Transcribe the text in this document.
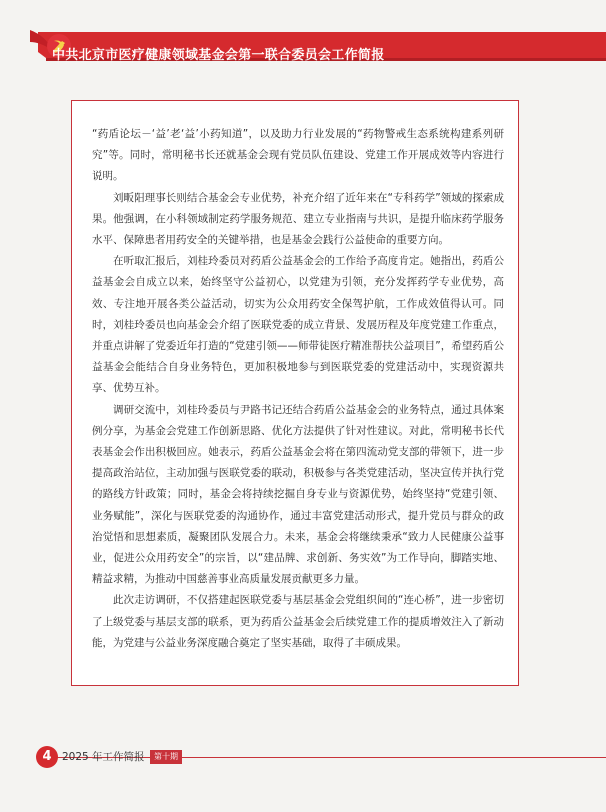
中共北京市医疗健康领域基金会第一联合委员会工作简报

“药盾论坛－‘益’老‘益’小药知道”，以及助力行业发展的“药物警戒生态系统构建系列研究”等。同时，常明秘书长还就基金会现有党员队伍建设、党建工作开展成效等内容进行说明。

刘畈阳理事长则结合基金会专业优势，补充介绍了近年来在“专科药学”领域的探索成果。他强调，在小科领域制定药学服务规范、建立专业指南与共识，是提升临床药学服务水平、保障患者用药安全的关键举措，也是基金会践行公益使命的重要方向。

在听取汇报后，刘桂玲委员对药盾公益基金会的工作给予高度肯定。她指出，药盾公益基金会自成立以来，始终坚守公益初心，以党建为引领，充分发挥药学专业优势，高效、专注地开展各类公益活动，切实为公众用药安全保驾护航，工作成效值得认可。同时，刘桂玲委员也向基金会介绍了医联党委的成立背景、发展历程及年度党建工作重点，并重点讲解了党委近年打造的“党建引领——师带徒医疗精准帮扶公益项目”，希望药盾公益基金会能结合自身业务特色，更加积极地参与到医联党委的党建活动中，实现资源共享、优势互补。

调研交流中，刘桂玲委员与尹路书记还结合药盾公益基金会的业务特点，通过具体案例分享，为基金会党建工作创新思路、优化方法提供了针对性建议。对此，常明秘书长代表基金会作出积极回应。她表示，药盾公益基金会将在第四流动党支部的带领下，进一步提高政治站位，主动加强与医联党委的联动，积极参与各类党建活动，坚决宣传并执行党的路线方针政策；同时，基金会将持续挖掘自身专业与资源优势，始终坚持“党建引领、业务赋能”，深化与医联党委的沟通协作，通过丰富党建活动形式，提升党员与群众的政治觉悟和思想素质，凝聚团队发展合力。未来，基金会将继续秉承“致力人民健康公益事业，促进公众用药安全”的宗旨，以“建品牌、求创新、务实效”为工作导向，脚踏实地、精益求精，为推动中国慈善事业高质量发展贡献更多力量。

此次走访调研，不仅搭建起医联党委与基层基金会党组织间的“连心桥”，进一步密切了上级党委与基层支部的联系，更为药盾公益基金会后续党建工作的提质增效注入了新动能，为党建与公益业务深度融合奠定了坚实基础，取得了丰硕成果。

4 2025 年工作简报	第十期
